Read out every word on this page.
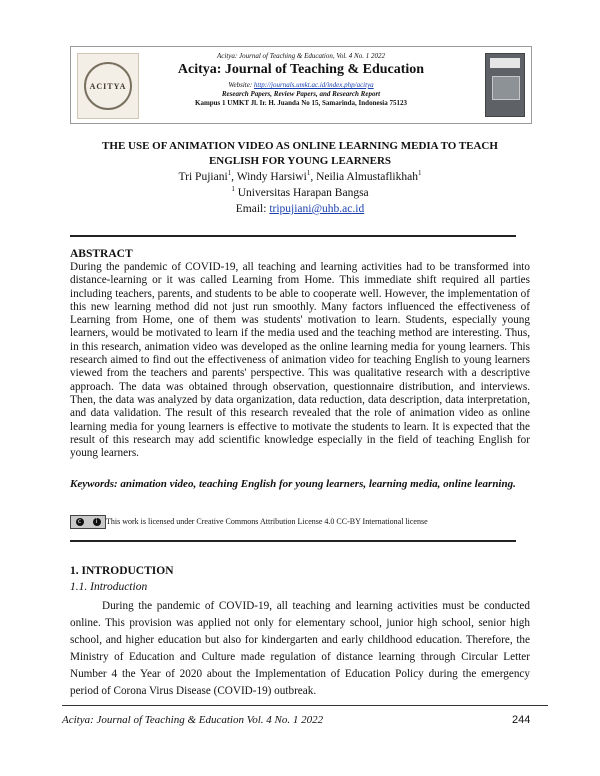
ACITYA
Acitya: Journal of Teaching & Education, Vol. 4 No. 1 2022
Acitya: Journal of Teaching & Education
Website: http://journals.umkt.ac.id/index.php/acitya
Research Papers, Review Papers, and Research Report
Kampus 1 UMKT Jl. Ir. H. Juanda No 15, Samarinda, Indonesia 75123
THE USE OF ANIMATION VIDEO AS ONLINE LEARNING MEDIA TO TEACH
ENGLISH FOR YOUNG LEARNERS
Tri Pujiani$^1$, Windy Harsiwi$^1$, Neilia Almustaflikhah$^1$
$^1$ Universitas Harapan Bangsa
Email: tripujiani@uhb.ac.id
ABSTRACT
During the pandemic of COVID-19, all teaching and learning activities had to be transformed into distance-learning or it was called Learning from Home. This immediate shift required all parties including teachers, parents, and students to be able to cooperate well. However, the implementation of this new learning method did not just run smoothly. Many factors influenced the effectiveness of Learning from Home, one of them was students' motivation to learn. Students, especially young learners, would be motivated to learn if the media used and the teaching method are interesting. Thus, in this research, animation video was developed as the online learning media for young learners. This research aimed to find out the effectiveness of animation video for teaching English to young learners viewed from the teachers and parents' perspective. This was qualitative research with a descriptive approach. The data was obtained through observation, questionnaire distribution, and interviews. Then, the data was analyzed by data organization, data reduction, data description, data interpretation, and data validation. The result of this research revealed that the role of animation video as online learning media for young learners is effective to motivate the students to learn. It is expected that the result of this research may add scientific knowledge especially in the field of teaching English for young learners.
Keywords: animation video, teaching English for young learners, learning media, online learning.
c	i	This work is licensed under Creative Commons Attribution License 4.0 CC-BY International license
1. INTRODUCTION
1.1. Introduction
During the pandemic of COVID-19, all teaching and learning activities must be conducted online. This provision was applied not only for elementary school, junior high school, senior high school, and higher education but also for kindergarten and early childhood education. Therefore, the Ministry of Education and Culture made regulation of distance learning through Circular Letter Number 4 the Year of 2020 about the Implementation of Education Policy during the emergency period of Corona Virus Disease (COVID-19) outbreak.
Acitya: Journal of Teaching & Education Vol. 4 No. 1 2022	244
